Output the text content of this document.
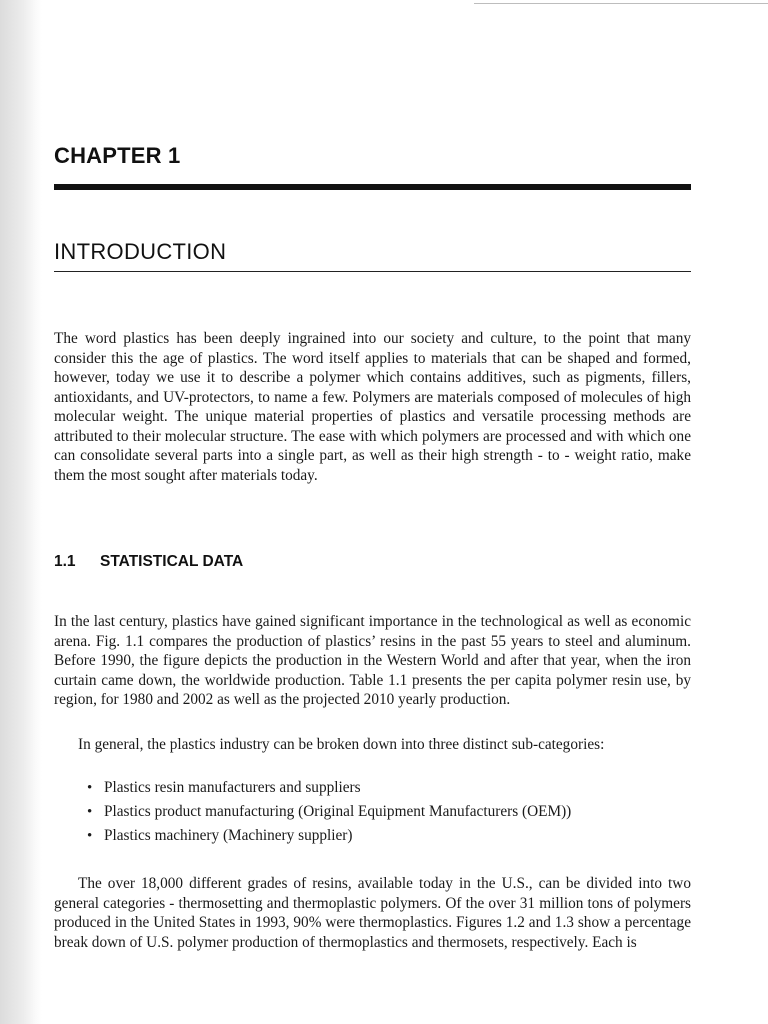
CHAPTER 1
INTRODUCTION

The word plastics has been deeply ingrained into our society and culture, to the point that many consider this the age of plastics. The word itself applies to materials that can be shaped and formed, however, today we use it to describe a polymer which contains additives, such as pigments, fillers, antioxidants, and UV-protectors, to name a few. Polymers are materials composed of molecules of high molecular weight. The unique material properties of plastics and versatile processing methods are attributed to their molecular structure. The ease with which polymers are processed and with which one can consolidate several parts into a single part, as well as their high strength - to - weight ratio, make them the most sought after materials today.

1.1 STATISTICAL DATA

In the last century, plastics have gained significant importance in the technological as well as economic arena. Fig. 1.1 compares the production of plastics’ resins in the past 55 years to steel and aluminum. Before 1990, the figure depicts the production in the Western World and after that year, when the iron curtain came down, the worldwide production. Table 1.1 presents the per capita polymer resin use, by region, for 1980 and 2002 as well as the projected 2010 yearly production.

In general, the plastics industry can be broken down into three distinct sub-categories:

• Plastics resin manufacturers and suppliers
• Plastics product manufacturing (Original Equipment Manufacturers (OEM))
• Plastics machinery (Machinery supplier)

The over 18,000 different grades of resins, available today in the U.S., can be divided into two general categories - thermosetting and thermoplastic polymers. Of the over 31 million tons of polymers produced in the United States in 1993, 90% were thermoplastics. Figures 1.2 and 1.3 show a percentage break down of U.S. polymer production of thermoplastics and thermosets, respectively. Each is
